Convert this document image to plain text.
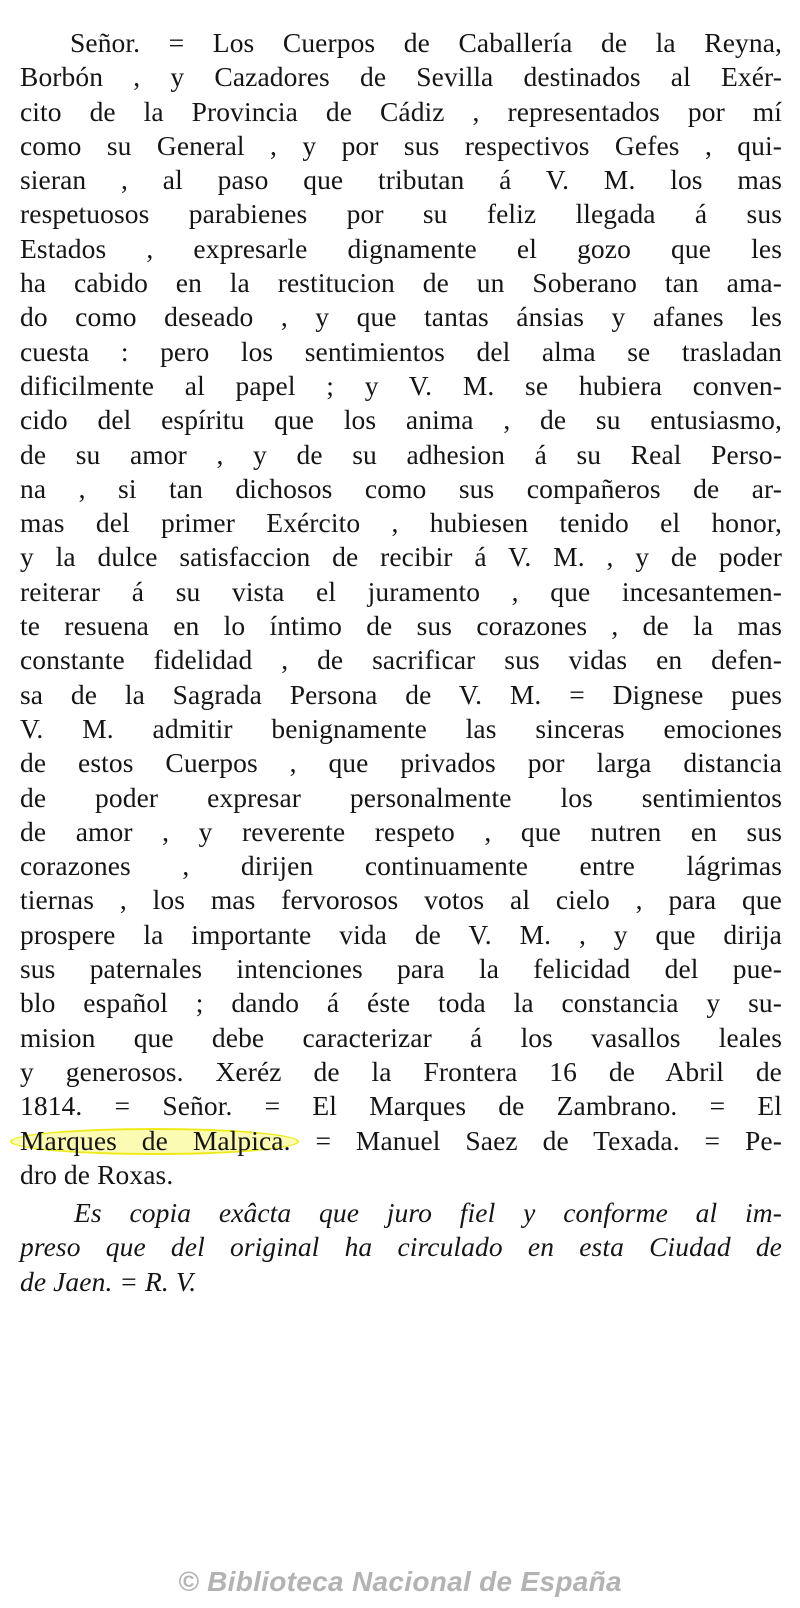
Señor. = Los Cuerpos de Caballería de la Reyna,
Borbón , y Cazadores de Sevilla destinados al Exér-
cito de la Provincia de Cádiz , representados por mí
como su General , y por sus respectivos Gefes , qui-
sieran , al paso que tributan á V. M. los mas
respetuosos parabienes por su feliz llegada á sus
Estados , expresarle dignamente el gozo que les
ha cabido en la restitucion de un Soberano tan ama-
do como deseado , y que tantas ánsias y afanes les
cuesta : pero los sentimientos del alma se trasladan
dificilmente al papel ; y V. M. se hubiera conven-
cido del espíritu que los anima , de su entusiasmo,
de su amor , y de su adhesion á su Real Perso-
na , si tan dichosos como sus compañeros de ar-
mas del primer Exército , hubiesen tenido el honor,
y la dulce satisfaccion de recibir á V. M. , y de poder
reiterar á su vista el juramento , que incesantemen-
te resuena en lo íntimo de sus corazones , de la mas
constante fidelidad , de sacrificar sus vidas en defen-
sa de la Sagrada Persona de V. M. = Dignese pues
V. M. admitir benignamente las sinceras emociones
de estos Cuerpos , que privados por larga distancia
de poder expresar personalmente los sentimientos
de amor , y reverente respeto , que nutren en sus
corazones , dirijen continuamente entre lágrimas
tiernas , los mas fervorosos votos al cielo , para que
prospere la importante vida de V. M. , y que dirija
sus paternales intenciones para la felicidad del pue-
blo español ; dando á éste toda la constancia y su-
mision que debe caracterizar á los vasallos leales
y generosos. Xeréz de la Frontera 16 de Abril de
1814. = Señor. = El Marques de Zambrano. = El
Marques de Malpica. = Manuel Saez de Texada. = Pe-
dro de Roxas.
Es copia exâcta que juro fiel y conforme al im-
preso que del original ha circulado en esta Ciudad de
de Jaen. = R. V.
© Biblioteca Nacional de España
